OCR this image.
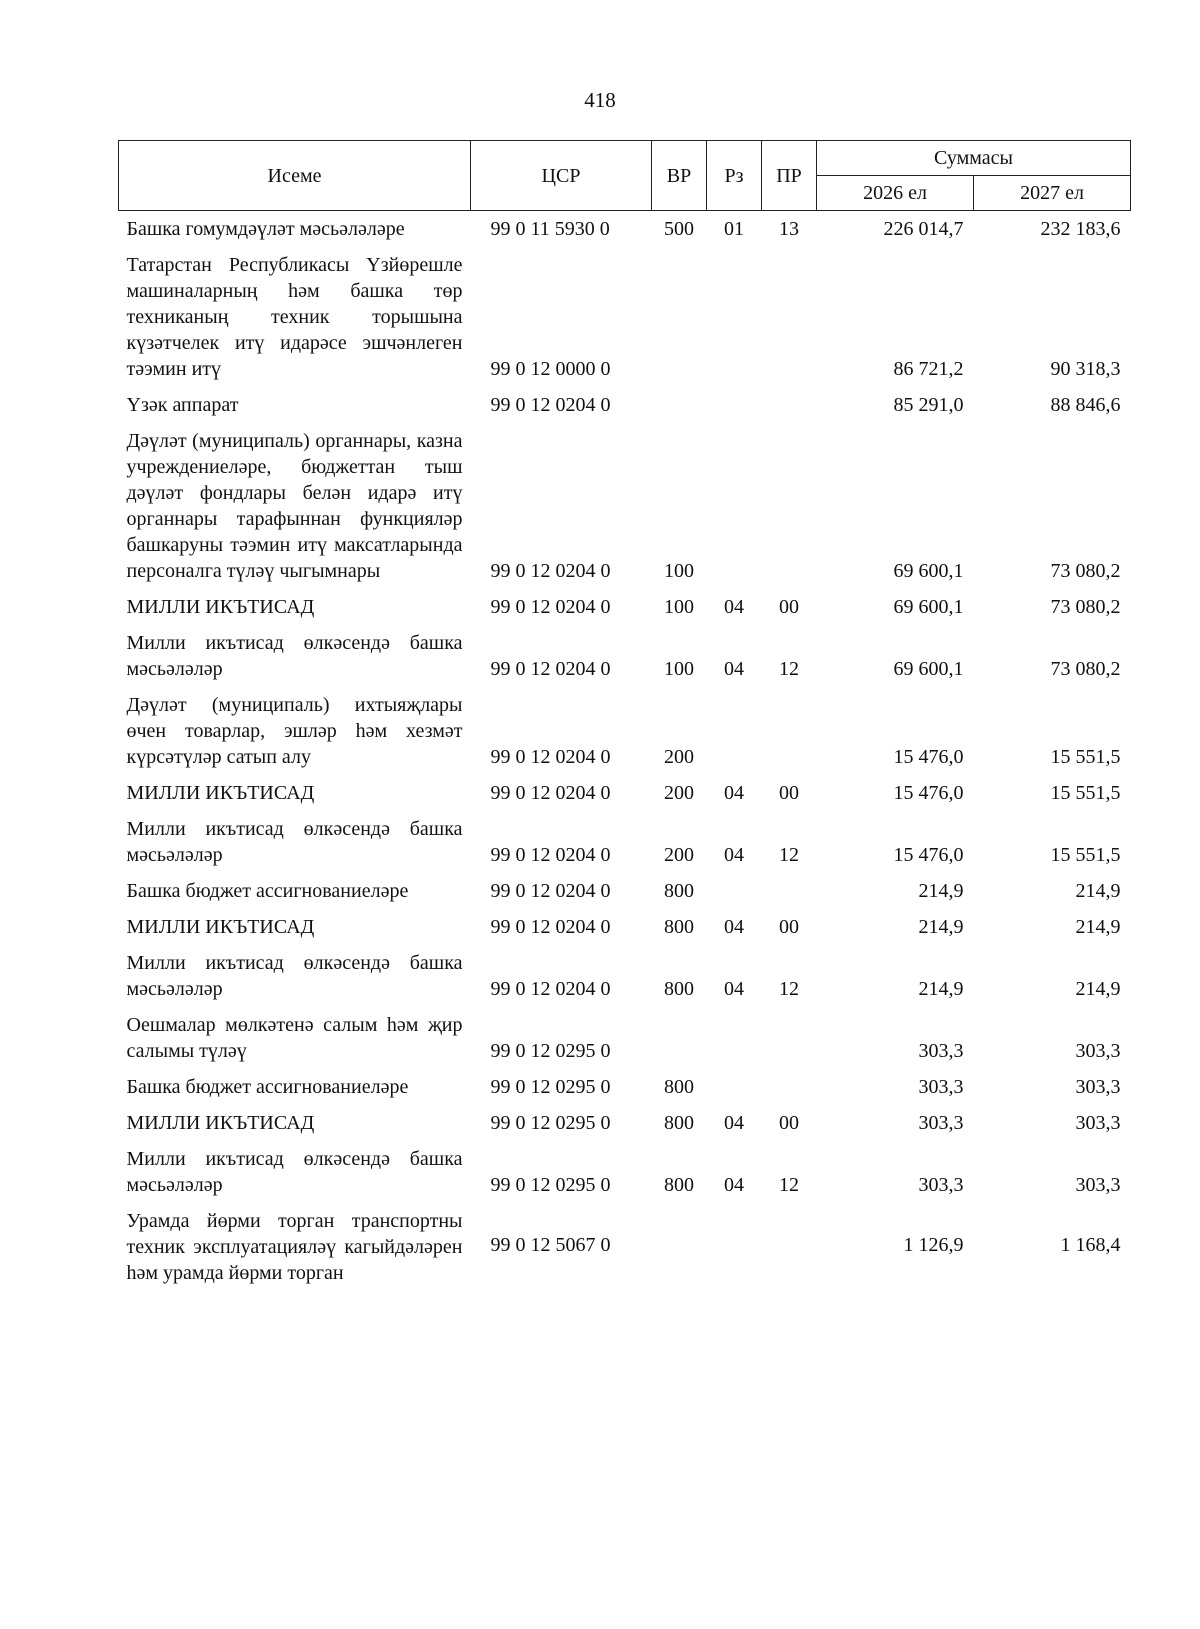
418
Исеме	ЦСР	ВР	Рз	ПР	Суммасы	
					2026 ел	2027 ел
Башка гомумдәүләт мәсьәләләре	99 0 11 5930 0	500	01	13	226 014,7	232 183,6
Татарстан Республикасы Үзйөрешле машиналарның һәм башка төр техниканың техник торышына күзәтчелек итү идарәсе эшчәнлеген тәэмин итү	99 0 12 0000 0				86 721,2	90 318,3
Үзәк аппарат	99 0 12 0204 0				85 291,0	88 846,6
Дәүләт (муниципаль) органнары, казна учреждениеләре, бюджеттан тыш дәүләт фондлары белән идарә итү органнары тарафыннан функцияләр башкаруны тәэмин итү максатларында персоналга түләү чыгымнары	99 0 12 0204 0	100			69 600,1	73 080,2
МИЛЛИ ИКЪТИСАД	99 0 12 0204 0	100	04	00	69 600,1	73 080,2
Милли икътисад өлкәсендә башка мәсьәләләр	99 0 12 0204 0	100	04	12	69 600,1	73 080,2
Дәүләт (муниципаль) ихтыяҗлары өчен товарлар, эшләр һәм хезмәт күрсәтүләр сатып алу	99 0 12 0204 0	200			15 476,0	15 551,5
МИЛЛИ ИКЪТИСАД	99 0 12 0204 0	200	04	00	15 476,0	15 551,5
Милли икътисад өлкәсендә башка мәсьәләләр	99 0 12 0204 0	200	04	12	15 476,0	15 551,5
Башка бюджет ассигнованиеләре	99 0 12 0204 0	800			214,9	214,9
МИЛЛИ ИКЪТИСАД	99 0 12 0204 0	800	04	00	214,9	214,9
Милли икътисад өлкәсендә башка мәсьәләләр	99 0 12 0204 0	800	04	12	214,9	214,9
Оешмалар мөлкәтенә салым һәм җир салымы түләү	99 0 12 0295 0				303,3	303,3
Башка бюджет ассигнованиеләре	99 0 12 0295 0	800			303,3	303,3
МИЛЛИ ИКЪТИСАД	99 0 12 0295 0	800	04	00	303,3	303,3
Милли икътисад өлкәсендә башка мәсьәләләр	99 0 12 0295 0	800	04	12	303,3	303,3
Урамда йөрми торган транспортны техник эксплуатацияләү кагыйдәләрен һәм урамда йөрми торган	99 0 12 5067 0				1 126,9	1 168,4
